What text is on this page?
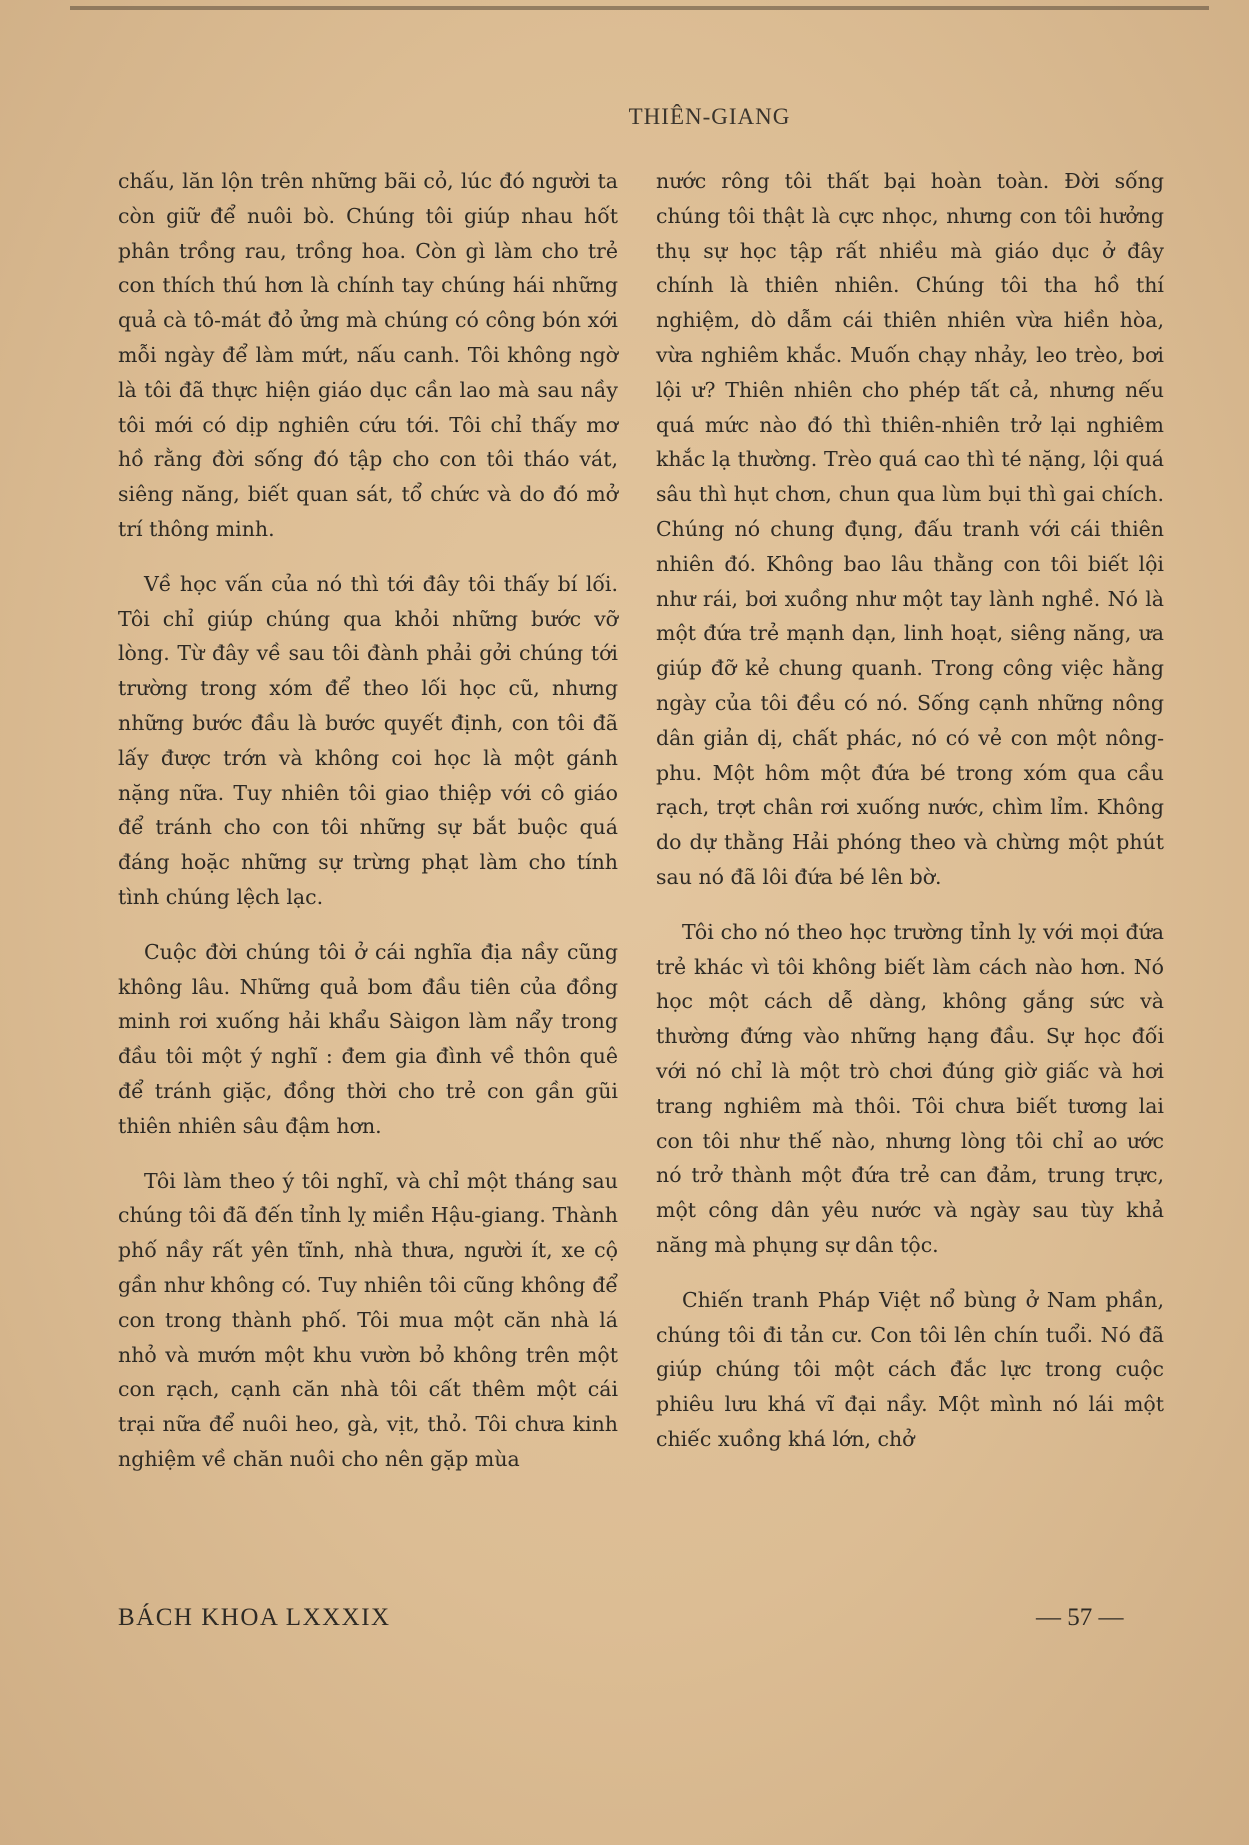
THIÊN-GIANG

chấu, lăn lộn trên những bãi cỏ, lúc đó người ta còn giữ để nuôi bò. Chúng tôi giúp nhau hốt phân trồng rau, trồng hoa. Còn gì làm cho trẻ con thích thú hơn là chính tay chúng hái những quả cà tô-mát đỏ ửng mà chúng có công bón xới mỗi ngày để làm mứt, nấu canh. Tôi không ngờ là tôi đã thực hiện giáo dục cần lao mà sau nầy tôi mới có dịp nghiên cứu tới. Tôi chỉ thấy mơ hồ rằng đời sống đó tập cho con tôi tháo vát, siêng năng, biết quan sát, tổ chức và do đó mở trí thông minh.

Về học vấn của nó thì tới đây tôi thấy bí lối. Tôi chỉ giúp chúng qua khỏi những bước vỡ lòng. Từ đây về sau tôi đành phải gởi chúng tới trường trong xóm để theo lối học cũ, nhưng những bước đầu là bước quyết định, con tôi đã lấy được trớn và không coi học là một gánh nặng nữa. Tuy nhiên tôi giao thiệp với cô giáo để tránh cho con tôi những sự bắt buộc quá đáng hoặc những sự trừng phạt làm cho tính tình chúng lệch lạc.

Cuộc đời chúng tôi ở cái nghĩa địa nầy cũng không lâu. Những quả bom đầu tiên của đồng minh rơi xuống hải khẩu Sàigon làm nẩy trong đầu tôi một ý nghĩ : đem gia đình về thôn quê để tránh giặc, đồng thời cho trẻ con gần gũi thiên nhiên sâu đậm hơn.

Tôi làm theo ý tôi nghĩ, và chỉ một tháng sau chúng tôi đã đến tỉnh lỵ miền Hậu-giang. Thành phố nầy rất yên tĩnh, nhà thưa, người ít, xe cộ gần như không có. Tuy nhiên tôi cũng không để con trong thành phố. Tôi mua một căn nhà lá nhỏ và mướn một khu vườn bỏ không trên một con rạch, cạnh căn nhà tôi cất thêm một cái trại nữa để nuôi heo, gà, vịt, thỏ. Tôi chưa kinh nghiệm về chăn nuôi cho nên gặp mùa

nước rông tôi thất bại hoàn toàn. Đời sống chúng tôi thật là cực nhọc, nhưng con tôi hưởng thụ sự học tập rất nhiều mà giáo dục ở đây chính là thiên nhiên. Chúng tôi tha hồ thí nghiệm, dò dẫm cái thiên nhiên vừa hiền hòa, vừa nghiêm khắc. Muốn chạy nhảy, leo trèo, bơi lội ư? Thiên nhiên cho phép tất cả, nhưng nếu quá mức nào đó thì thiên-nhiên trở lại nghiêm khắc lạ thường. Trèo quá cao thì té nặng, lội quá sâu thì hụt chơn, chun qua lùm bụi thì gai chích. Chúng nó chung đụng, đấu tranh với cái thiên nhiên đó. Không bao lâu thằng con tôi biết lội như rái, bơi xuồng như một tay lành nghề. Nó là một đứa trẻ mạnh dạn, linh hoạt, siêng năng, ưa giúp đỡ kẻ chung quanh. Trong công việc hằng ngày của tôi đều có nó. Sống cạnh những nông dân giản dị, chất phác, nó có vẻ con một nông-phu. Một hôm một đứa bé trong xóm qua cầu rạch, trợt chân rơi xuống nước, chìm lỉm. Không do dự thằng Hải phóng theo và chừng một phút sau nó đã lôi đứa bé lên bờ.

Tôi cho nó theo học trường tỉnh lỵ với mọi đứa trẻ khác vì tôi không biết làm cách nào hơn. Nó học một cách dễ dàng, không gắng sức và thường đứng vào những hạng đầu. Sự học đối với nó chỉ là một trò chơi đúng giờ giấc và hơi trang nghiêm mà thôi. Tôi chưa biết tương lai con tôi như thế nào, nhưng lòng tôi chỉ ao ước nó trở thành một đứa trẻ can đảm, trung trực, một công dân yêu nước và ngày sau tùy khả năng mà phụng sự dân tộc.

Chiến tranh Pháp Việt nổ bùng ở Nam phần, chúng tôi đi tản cư. Con tôi lên chín tuổi. Nó đã giúp chúng tôi một cách đắc lực trong cuộc phiêu lưu khá vĩ đại nầy. Một mình nó lái một chiếc xuồng khá lớn, chở

BÁCH KHOA LXXXIX	— 57 —
